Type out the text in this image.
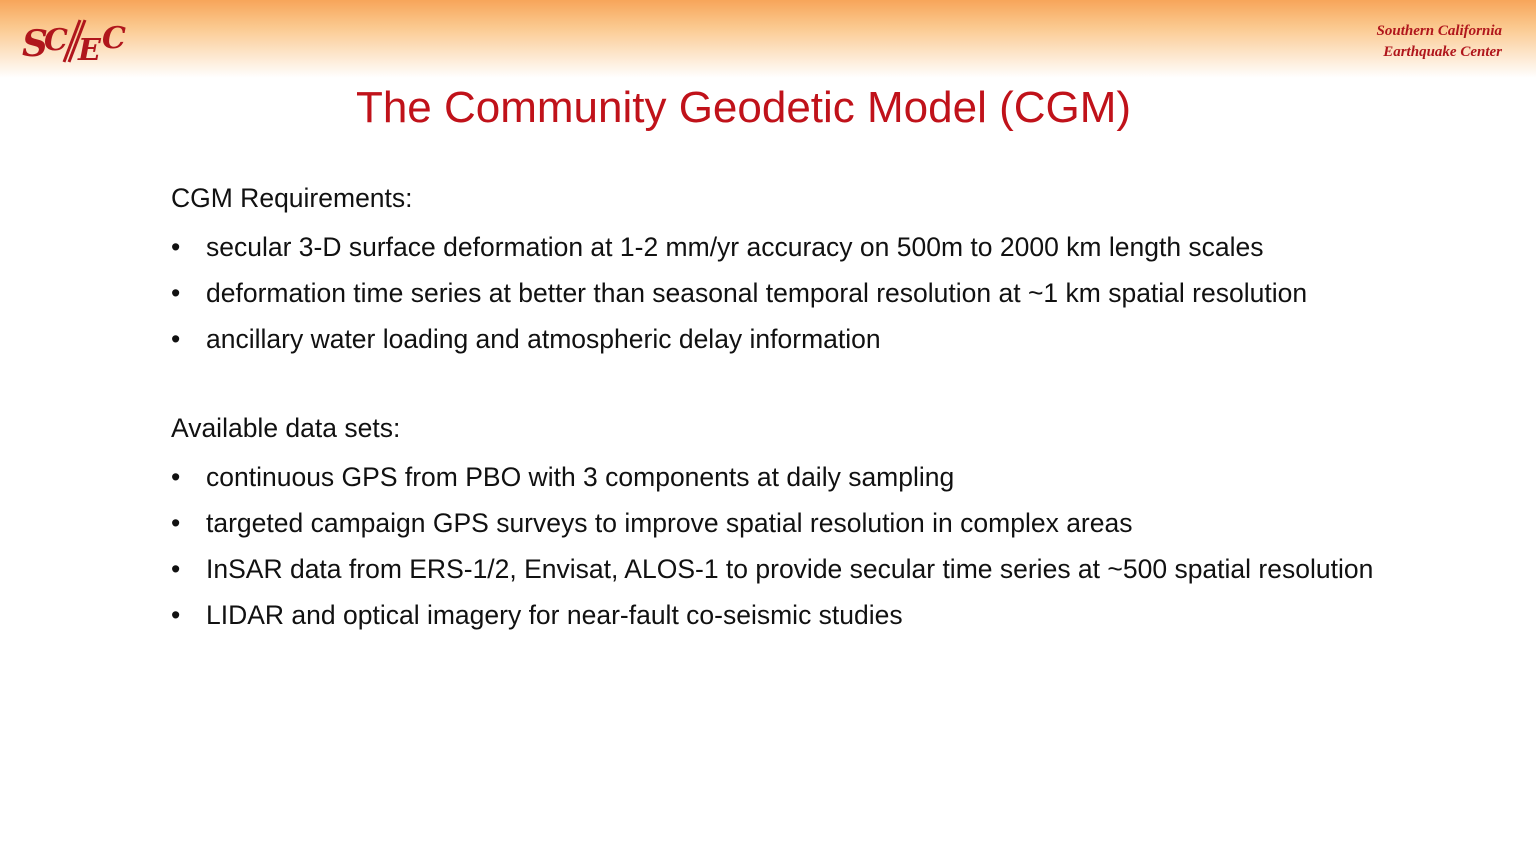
S
C E C	Southern California
Earthquake Center
The Community Geodetic Model (CGM)
CGM Requirements:
• secular 3-D surface deformation at 1-2 mm/yr accuracy on 500m to 2000 km length scales
• deformation time series at better than seasonal temporal resolution at ~1 km spatial resolution
• ancillary water loading and atmospheric delay information
Available data sets:
• continuous GPS from PBO with 3 components at daily sampling
• targeted campaign GPS surveys to improve spatial resolution in complex areas
• InSAR data from ERS-1/2, Envisat, ALOS-1 to provide secular time series at ~500 spatial resolution
• LIDAR and optical imagery for near-fault co-seismic studies
